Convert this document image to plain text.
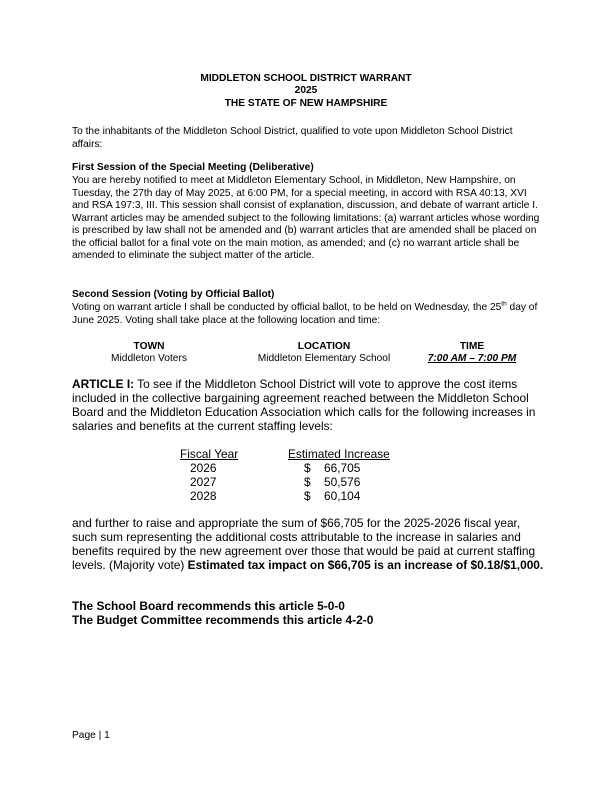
MIDDLETON SCHOOL DISTRICT WARRANT
2025
THE STATE OF NEW HAMPSHIRE

To the inhabitants of the Middleton School District, qualified to vote upon Middleton School District affairs:

First Session of the Special Meeting (Deliberative)

You are hereby notified to meet at Middleton Elementary School, in Middleton, New Hampshire, on Tuesday, the 27th day of May 2025, at 6:00 PM, for a special meeting, in accord with RSA 40:13, XVI and RSA 197:3, III. This session shall consist of explanation, discussion, and debate of warrant article I. Warrant articles may be amended subject to the following limitations: (a) warrant articles whose wording is prescribed by law shall not be amended and (b) warrant articles that are amended shall be placed on the official ballot for a final vote on the main motion, as amended; and (c) no warrant article shall be amended to eliminate the subject matter of the article.

Second Session (Voting by Official Ballot)

Voting on warrant article I shall be conducted by official ballot, to be held on Wednesday, the 25th day of June 2025. Voting shall take place at the following location and time:

TOWN	LOCATION	TIME
Middleton Voters	Middleton Elementary School	7:00 AM – 7:00 PM

ARTICLE I: To see if the Middleton School District will vote to approve the cost items included in the collective bargaining agreement reached between the Middleton School Board and the Middleton Education Association which calls for the following increases in salaries and benefits at the current staffing levels:

Fiscal Year	Estimated Increase
2026	$ 66,705
2027	$ 50,576
2028	$ 60,104

and further to raise and appropriate the sum of $66,705 for the 2025-2026 fiscal year, such sum representing the additional costs attributable to the increase in salaries and benefits required by the new agreement over those that would be paid at current staffing levels. (Majority vote) Estimated tax impact on $66,705 is an increase of $0.18/$1,000.

The School Board recommends this article 5-0-0
The Budget Committee recommends this article 4-2-0
Page | 1
